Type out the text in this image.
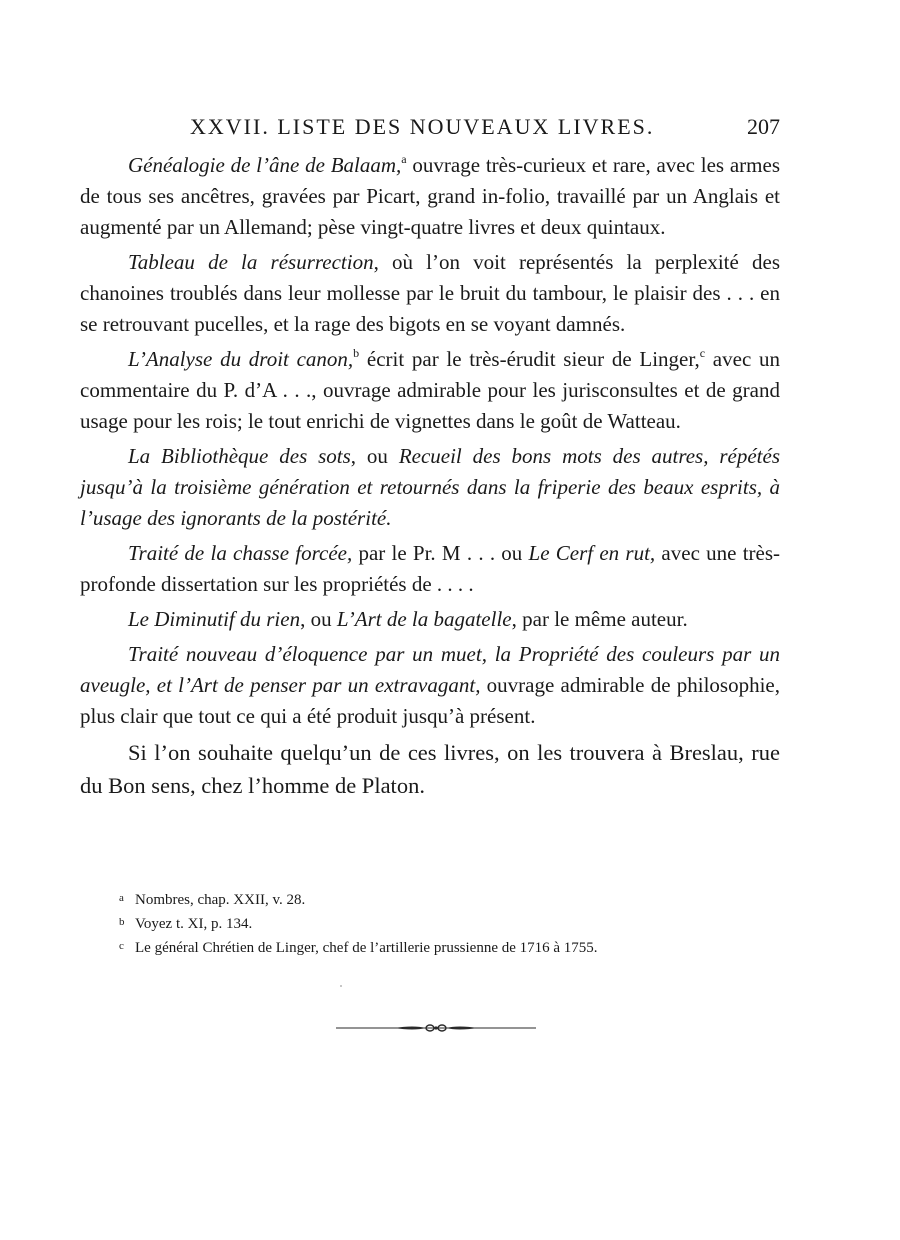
XXVII. LISTE DES NOUVEAUX LIVRES.	207

Généalogie de l’âne de Balaam,$^a$ ouvrage très-curieux et rare, avec les armes de tous ses ancêtres, gravées par Picart, grand in-folio, travaillé par un Anglais et augmenté par un Allemand; pèse vingt-quatre livres et deux quintaux.

Tableau de la résurrection, où l’on voit représentés la perplexité des chanoines troublés dans leur mollesse par le bruit du tambour, le plaisir des . . . en se retrouvant pucelles, et la rage des bigots en se voyant damnés.

L’Analyse du droit canon,$^b$ écrit par le très-érudit sieur de Linger,$^c$ avec un commentaire du P. d’A . . ., ouvrage admirable pour les jurisconsultes et de grand usage pour les rois; le tout enrichi de vignettes dans le goût de Watteau.

La Bibliothèque des sots, ou Recueil des bons mots des autres, répétés jusqu’à la troisième génération et retournés dans la friperie des beaux esprits, à l’usage des ignorants de la postérité.

Traité de la chasse forcée, par le Pr. M . . . ou Le Cerf en rut, avec une très-profonde dissertation sur les propriétés de . . . .

Le Diminutif du rien, ou L’Art de la bagatelle, par le même auteur.

Traité nouveau d’éloquence par un muet, la Propriété des couleurs par un aveugle, et l’Art de penser par un extravagant, ouvrage admirable de philosophie, plus clair que tout ce qui a été produit jusqu’à présent.

Si l’on souhaite quelqu’un de ces livres, on les trouvera à Breslau, rue du Bon sens, chez l’homme de Platon.

a Nombres, chap. XXII, v. 28.

b Voyez t. XI, p. 134.

c Le général Chrétien de Linger, chef de l’artillerie prussienne de 1716 à 1755.
